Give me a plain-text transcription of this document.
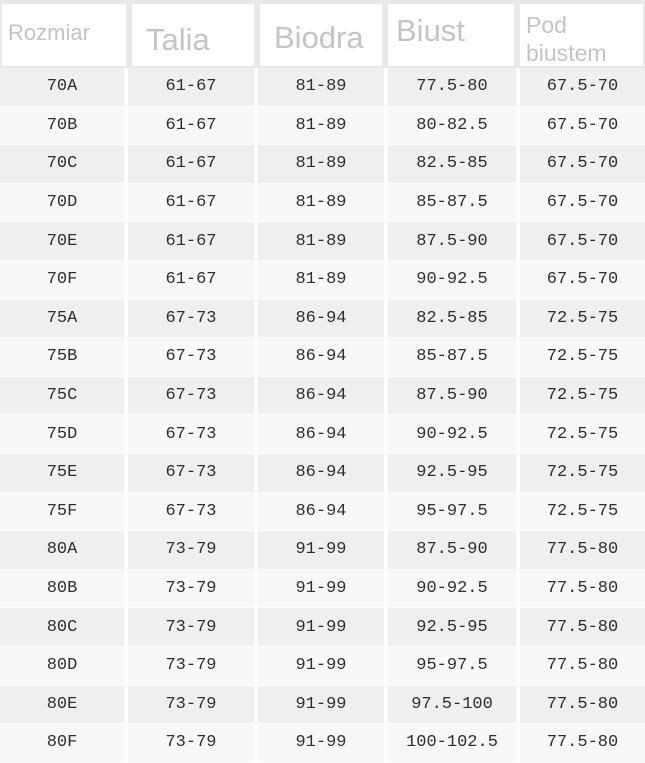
Rozmiar	Talia	Biodra	Biust	Pod
biustem
70A	61-67	81-89	77.5-80	67.5-70
70B	61-67	81-89	80-82.5	67.5-70
70C	61-67	81-89	82.5-85	67.5-70
70D	61-67	81-89	85-87.5	67.5-70
70E	61-67	81-89	87.5-90	67.5-70
70F	61-67	81-89	90-92.5	67.5-70
75A	67-73	86-94	82.5-85	72.5-75
75B	67-73	86-94	85-87.5	72.5-75
75C	67-73	86-94	87.5-90	72.5-75
75D	67-73	86-94	90-92.5	72.5-75
75E	67-73	86-94	92.5-95	72.5-75
75F	67-73	86-94	95-97.5	72.5-75
80A	73-79	91-99	87.5-90	77.5-80
80B	73-79	91-99	90-92.5	77.5-80
80C	73-79	91-99	92.5-95	77.5-80
80D	73-79	91-99	95-97.5	77.5-80
80E	73-79	91-99	97.5-100	77.5-80
80F	73-79	91-99	100-102.5	77.5-80
